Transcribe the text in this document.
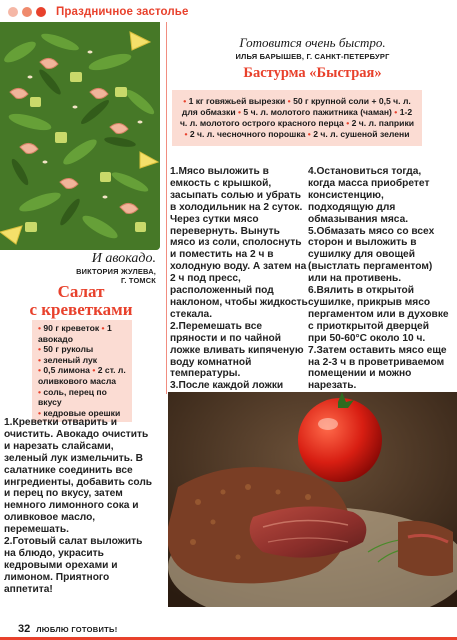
Праздничное застолье
И авокадо.
ВИКТОРИЯ ЖУЛЕВА,
Г. ТОМСК
Салат
с креветками
• 90 г креветок • 1 авокадо
• 50 г руколы
• зеленый лук
• 0,5 лимона • 2 ст. л. оливкового масла
• соль, перец по вкусу
• кедровые орешки
1.Креветки отварить и очистить. Авокадо очистить и нарезать слайсами, зеленый лук измельчить. В салатнике соединить все ингредиенты, добавить соль и перец по вкусу, затем немного лимонного сока и оливковое масло, перемешать.
2.Готовый салат выложить на блюдо, украсить кедровыми орехами и лимоном. Приятного аппетита!
Готовится очень быстро.
ИЛЬЯ БАРЫШЕВ, Г. САНКТ-ПЕТЕРБУРГ
Бастурма «Быстрая»
• 1 кг говяжьей вырезки • 50 г крупной соли + 0,5 ч. л. для обмазки • 5 ч. л. молотого пажитника (чаман) • 1-2 ч. л. молотого острого красного перца • 2 ч. л. паприки • 2 ч. л. чесночного порошка • 2 ч. л. сушеной зелени
1.Мясо выложить в емкость с крышкой, засыпать солью и убрать в холодильник на 2 суток. Через сутки мясо перевернуть. Вынуть мясо из соли, сполоснуть и поместить на 2 ч в холодную воду. А затем на 2 ч под пресс, расположенный под наклоном, чтобы жидкость стекала.
2.Перемешать все пряности и по чайной ложке вливать кипяченую воду комнатной температуры.
3.После каждой ложки
4.Остановиться тогда, когда масса приобретет консистенцию, подходящую для обмазывания мяса.
5.Обмазать мясо со всех сторон и выложить в сушилку для овощей (выстлать пергаментом) или на противень.
6.Вялить в открытой сушилке, прикрыв мясо пергаментом или в духовке с приоткрытой дверцей при 50-60°С около 10 ч.
7.Затем оставить мясо еще на 2-3 ч в проветриваемом помещении и можно нарезать.
32 ЛЮБЛЮ ГОТОВИТЬ!
